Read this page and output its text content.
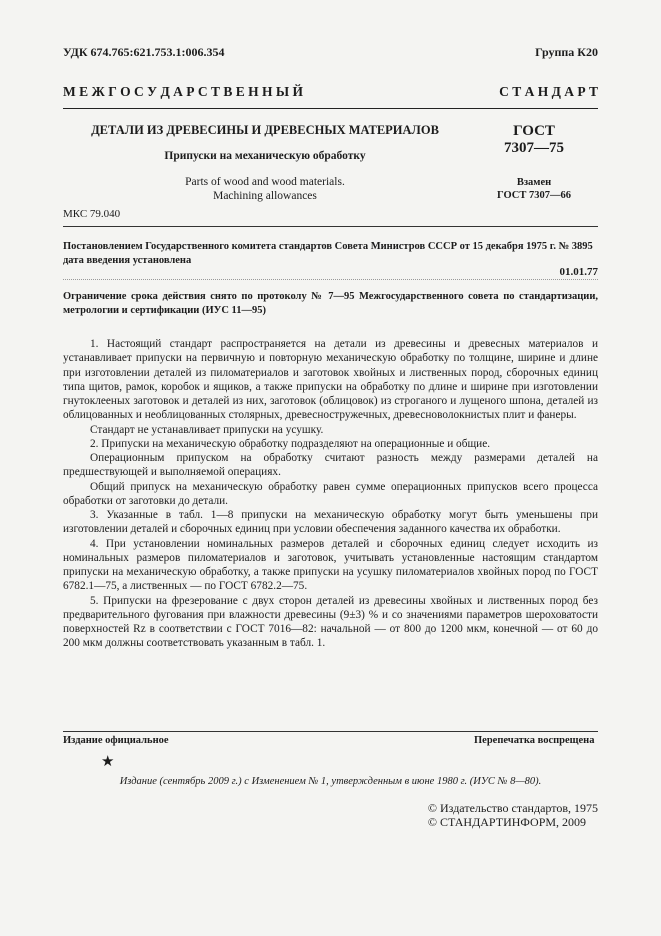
УДК 674.765:621.753.1:006.354	Группа К20
М Е Ж Г О С У Д А Р С Т В Е Н Н Ы Й	С Т А Н Д А Р Т
ДЕТАЛИ ИЗ ДРЕВЕСИНЫ И ДРЕВЕСНЫХ МАТЕРИАЛОВ
Припуски на механическую обработку
Parts of wood and wood materials.
Machining allowances
ГОСТ
7307—75
Взамен
ГОСТ 7307—66
МКС 79.040
Постановлением Государственного комитета стандартов Совета Министров СССР от 15 декабря 1975 г. № 3895 дата введения установлена
01.01.77
Ограничение срока действия снято по протоколу № 7—95 Межгосударственного совета по стандартизации, метрологии и сертификации (ИУС 11—95)

1. Настоящий стандарт распространяется на детали из древесины и древесных материалов и устанавливает припуски на первичную и повторную механическую обработку по толщине, ширине и длине при изготовлении деталей из пиломатериалов и заготовок хвойных и лиственных пород, сборочных единиц типа щитов, рамок, коробок и ящиков, а также припуски на обработку по длине и ширине при изготовлении гнутоклееных заготовок и деталей из них, заготовок (облицовок) из строганого и лущеного шпона, деталей из облицованных и необлицованных столярных, древесностружечных, древесноволокнистых плит и фанеры.

Стандарт не устанавливает припуски на усушку.

2. Припуски на механическую обработку подразделяют на операционные и общие.

Операционным припуском на обработку считают разность между размерами деталей на предшествующей и выполняемой операциях.

Общий припуск на механическую обработку равен сумме операционных припусков всего процесса обработки от заготовки до детали.

3. Указанные в табл. 1—8 припуски на механическую обработку могут быть уменьшены при изготовлении деталей и сборочных единиц при условии обеспечения заданного качества их обработки.

4. При установлении номинальных размеров деталей и сборочных единиц следует исходить из номинальных размеров пиломатериалов и заготовок, учитывать установленные настоящим стандартом припуски на механическую обработку, а также припуски на усушку пиломатериалов хвойных пород по ГОСТ 6782.1—75, а лиственных — по ГОСТ 6782.2—75.

5. Припуски на фрезерование с двух сторон деталей из древесины хвойных и лиственных пород без предварительного фугования при влажности древесины (9±3) % и со значениями параметров шероховатости поверхностей Rz в соответствии с ГОСТ 7016—82: начальной — от 800 до 1200 мкм, конечной — от 60 до 200 мкм должны соответствовать указанным в табл. 1.

Издание официальное	Перепечатка воспрещена
★
Издание (сентябрь 2009 г.) с Изменением № 1, утвержденным в июне 1980 г. (ИУС № 8—80).
© Издательство стандартов, 1975
© СТАНДАРТИНФОРМ, 2009
